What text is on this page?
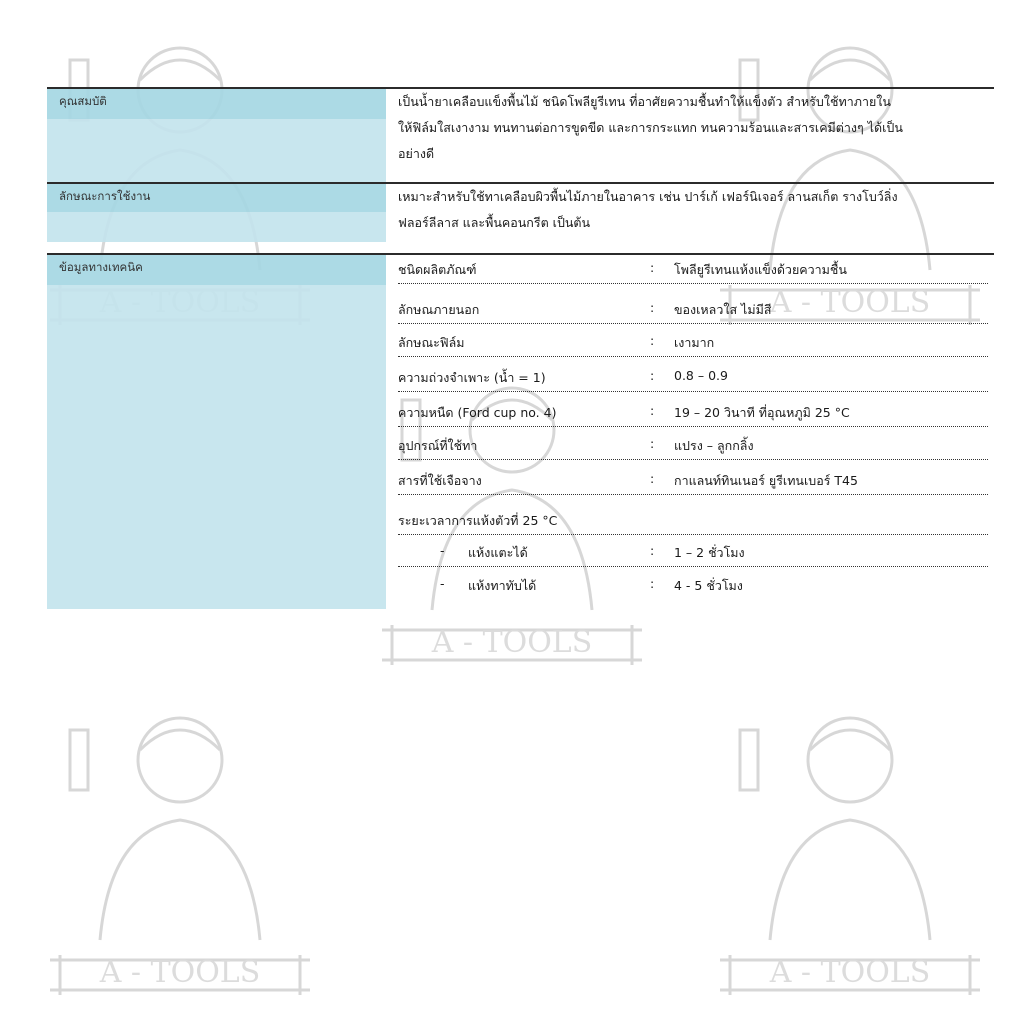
A - TOOLS
A - TOOLS
A - TOOLS	A - TOOLS
คุณสมบัติ	เป็นน้ำยาเคลือบแข็งพื้นไม้ ชนิดโพลียูรีเทน ที่อาศัยความชื้นทำให้แข็งตัว สำหรับใช้ทาภายใน
ให้ฟิล์มใสเงางาม ทนทานต่อการขูดขีด และการกระแทก ทนความร้อนและสารเคมีต่างๆ ได้เป็น
อย่างดี
ลักษณะการใช้งาน	เหมาะสำหรับใช้ทาเคลือบผิวพื้นไม้ภายในอาคาร เช่น ปาร์เก้ เฟอร์นิเจอร์ ลานสเก็ต รางโบว์ลิ่ง
ฟลอร์ลีลาส และพื้นคอนกรีต เป็นต้น
ข้อมูลทางเทคนิค	ชนิดผลิตภัณฑ์	: โพลียูรีเทนแห้งแข็งด้วยความชื้น
ลักษณภายนอก	: ของเหลวใส ไม่มีสี
ลักษณะฟิล์ม	: เงามาก
ความถ่วงจำเพาะ (น้ำ = 1)	: 0.8 – 0.9
ความหนืด (Ford cup no. 4)	: 19 – 20 วินาที ที่อุณหภูมิ 25 °C
อุปกรณ์ที่ใช้ทา	: แปรง – ลูกกลิ้ง
สารที่ใช้เจือจาง	: กาแลนท์ทินเนอร์ ยูรีเทนเบอร์ T45
ระยะเวลาการแห้งตัวที่ 25 °C
- แห้งแตะได้	: 1 – 2 ชั่วโมง
- แห้งทาทับได้	: 4 - 5 ชั่วโมง
